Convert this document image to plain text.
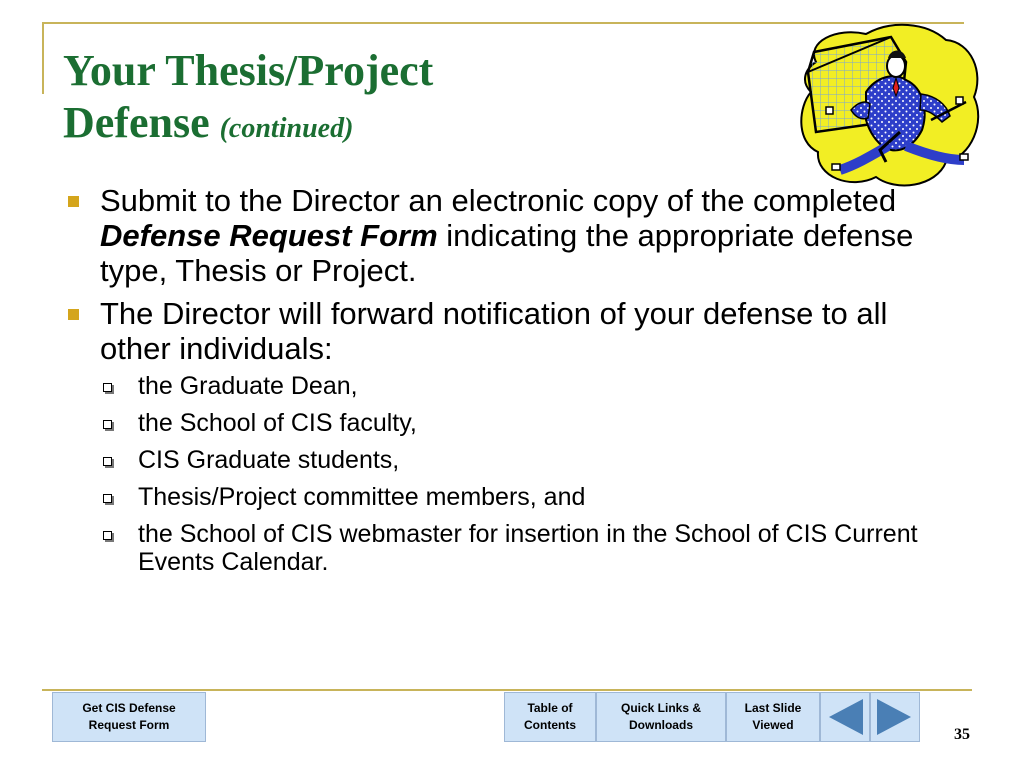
Your Thesis/Project
Defense (continued)
Submit to the Director an electronic copy of the completed Defense Request Form indicating the appropriate defense type, Thesis or Project.
The Director will forward notification of your defense to all other individuals:
the Graduate Dean,
the School of CIS faculty,
CIS Graduate students,
Thesis/Project committee members, and
the School of CIS webmaster for insertion in the School of CIS Current Events Calendar.
Get CIS Defense
Request Form
Table of
Contents
Quick Links &
Downloads
Last Slide
Viewed
35
